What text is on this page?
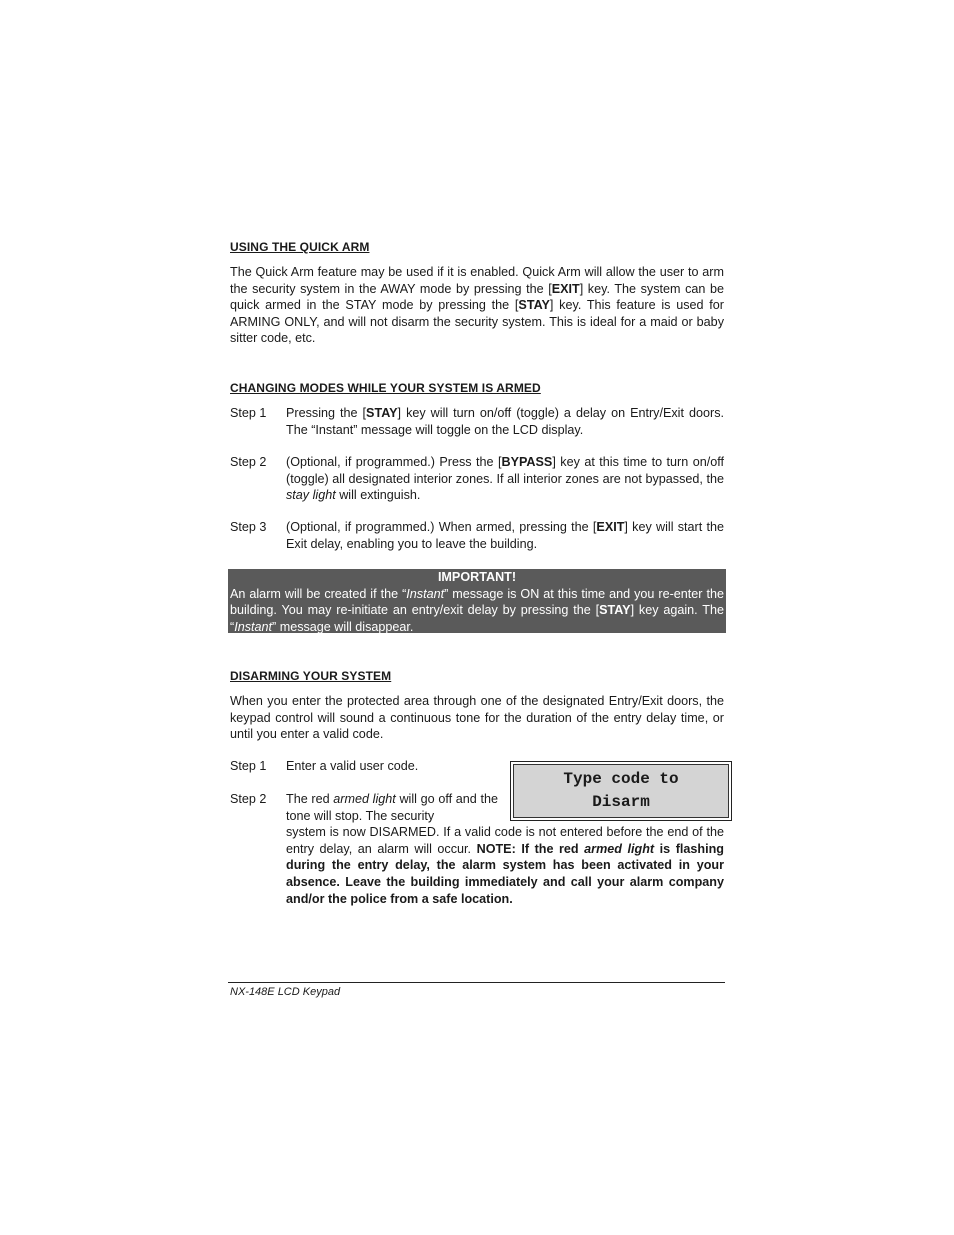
USING THE QUICK ARM

The Quick Arm feature may be used if it is enabled. Quick Arm will allow the user to arm the security system in the AWAY mode by pressing the [EXIT] key. The system can be quick armed in the STAY mode by pressing the [STAY] key. This feature is used for ARMING ONLY, and will not disarm the security system. This is ideal for a maid or baby sitter code, etc.

CHANGING MODES WHILE YOUR SYSTEM IS ARMED
Step 1	Pressing the [STAY] key will turn on/off (toggle) a delay on Entry/Exit doors. The “Instant” message will toggle on the LCD display.
Step 2	(Optional, if programmed.) Press the [BYPASS] key at this time to turn on/off (toggle) all designated interior zones. If all interior zones are not bypassed, the stay light will extinguish.
Step 3	(Optional, if programmed.) When armed, pressing the [EXIT] key will start the Exit delay, enabling you to leave the building.
IMPORTANT!
An alarm will be created if the “Instant” message is ON at this time and you re-enter the building. You may re-initiate an entry/exit delay by pressing the [STAY] key again. The “Instant” message will disappear.
DISARMING YOUR SYSTEM

When you enter the protected area through one of the designated Entry/Exit doors, the keypad control will sound a continuous tone for the duration of the entry delay time, or until you enter a valid code.

Step 1	Enter a valid user code.
Type code to
Disarm
Step 2 The red armed light will go off and the tone will stop. The security
system is now DISARMED. If a valid code is not entered before the end of the entry delay, an alarm will occur. NOTE: If the red armed light is flashing during the entry delay, the alarm system has been activated in your absence. Leave the building immediately and call your alarm company and/or the police from a safe location.
NX-148E LCD Keypad
